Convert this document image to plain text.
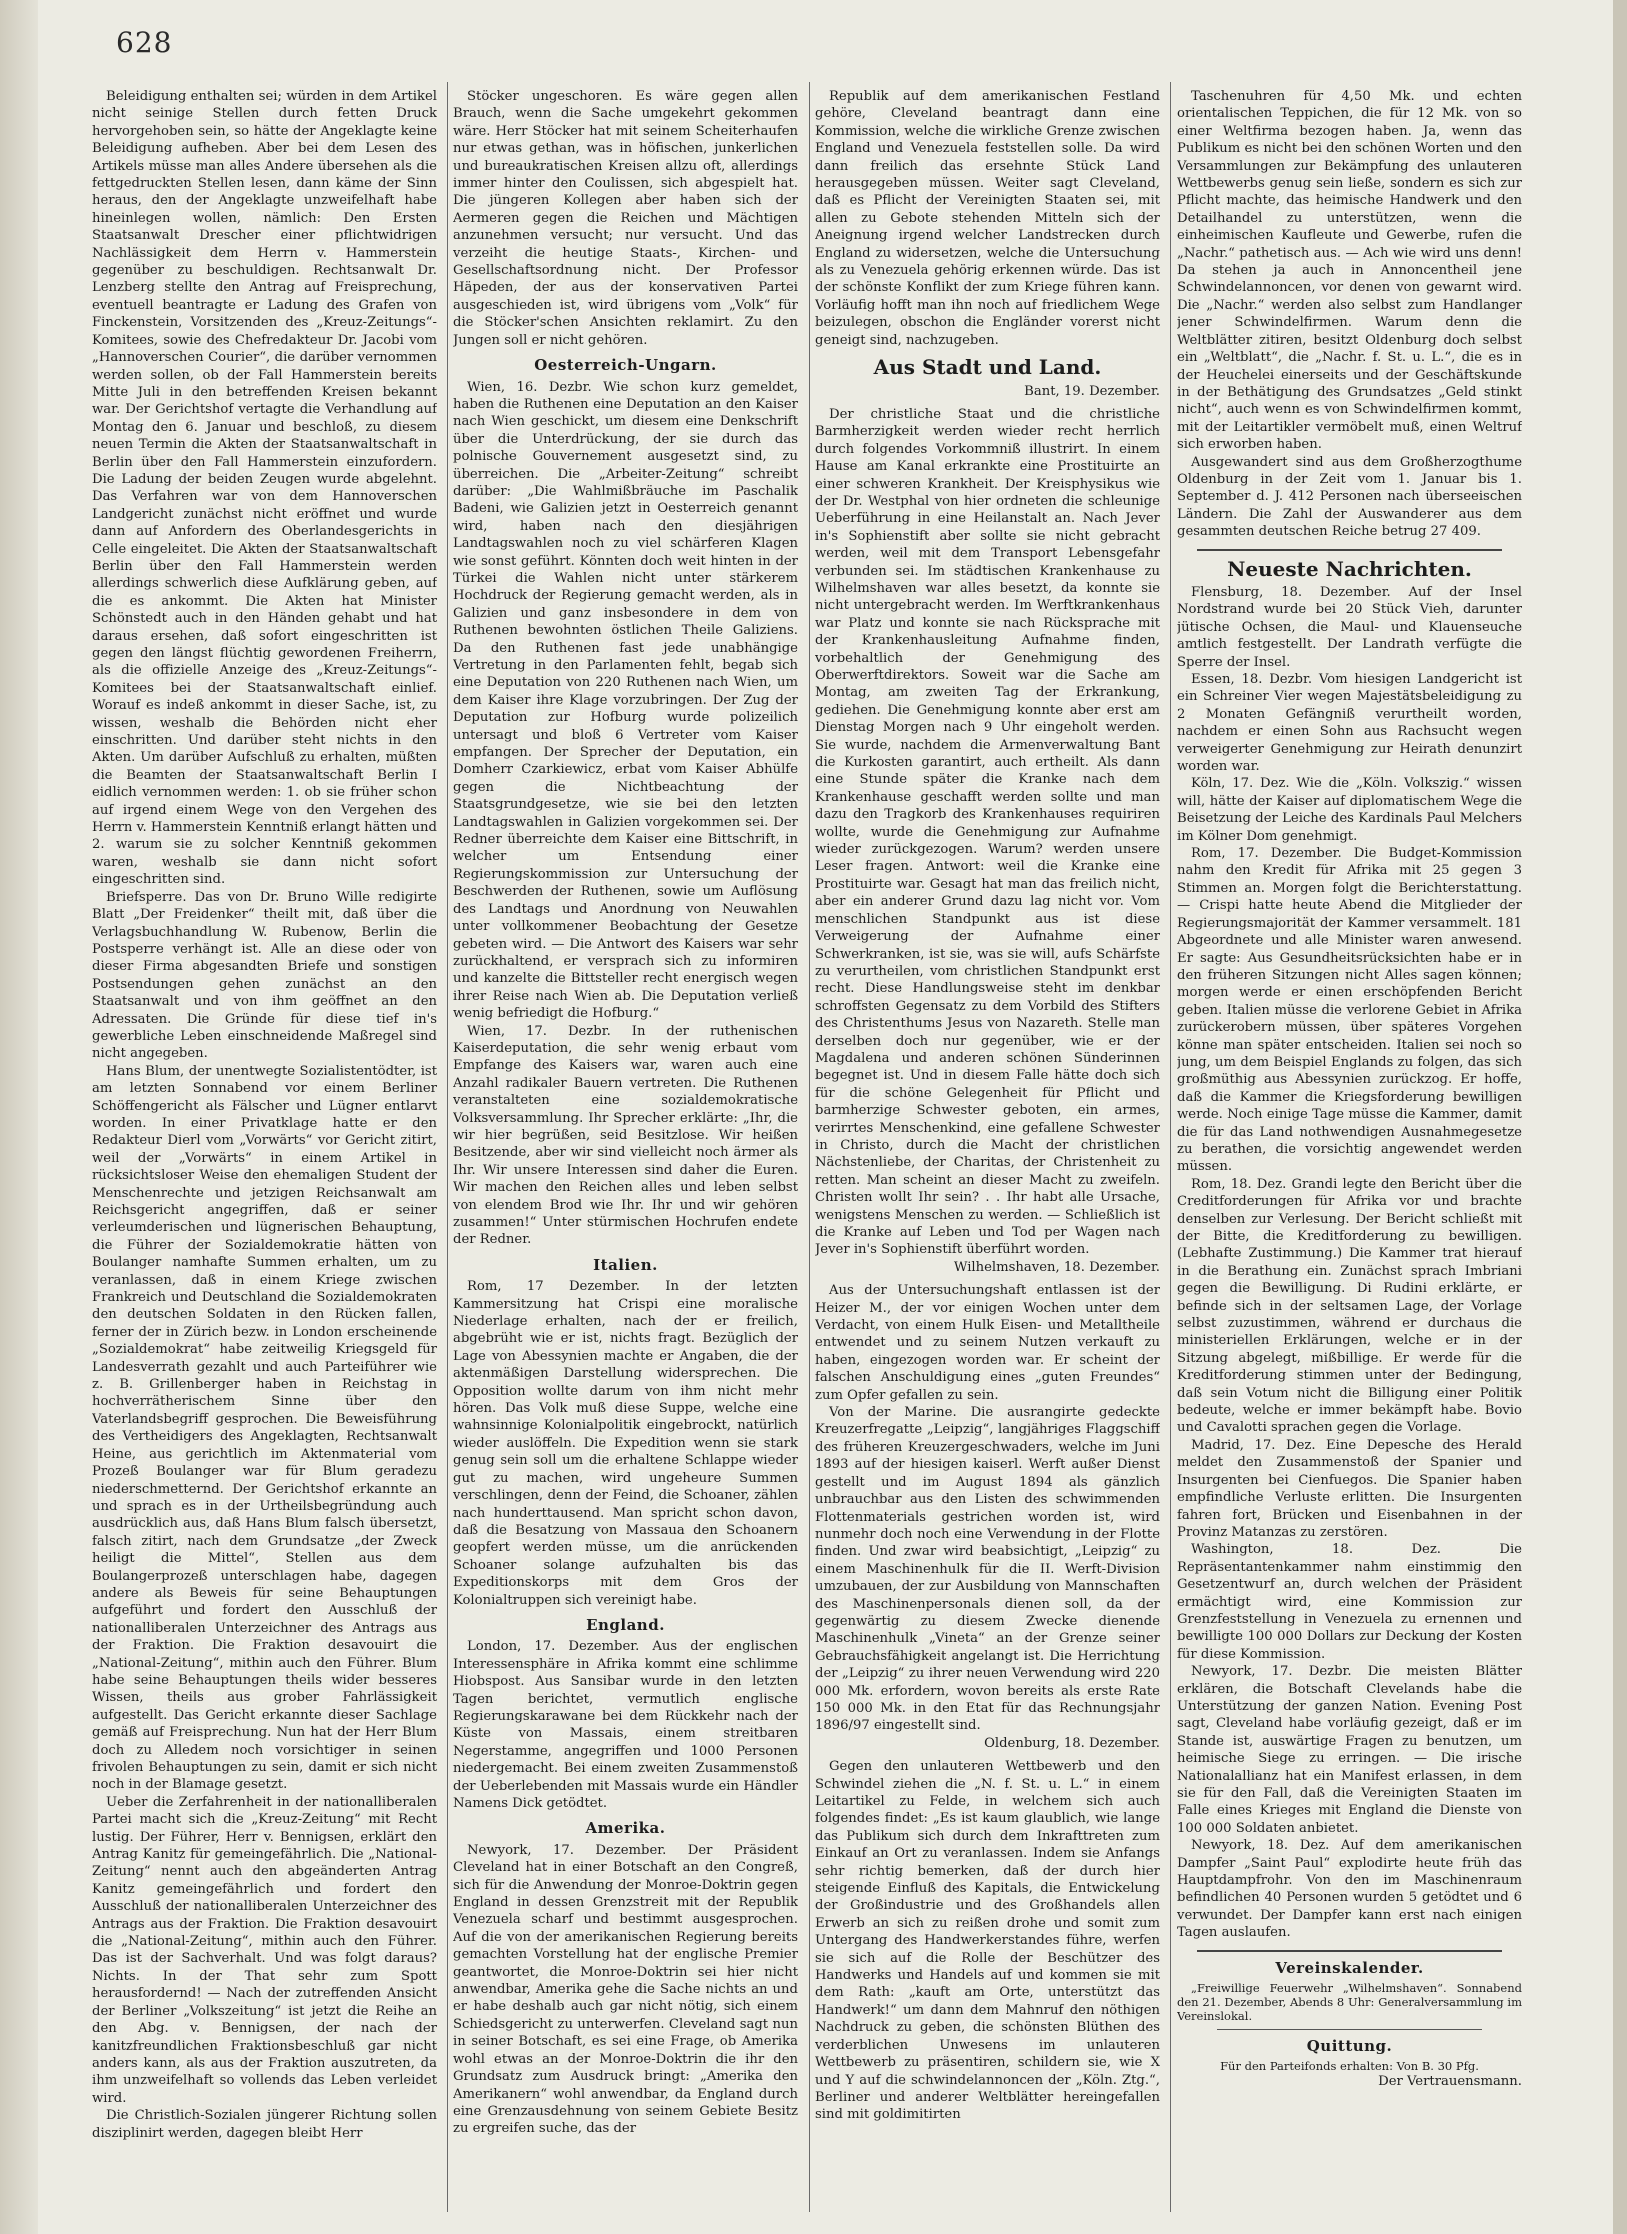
628

Beleidigung enthalten sei; würden in dem Artikel nicht seinige Stellen durch fetten Druck hervorgehoben sein, so hätte der Angeklagte keine Beleidigung aufheben. Aber bei dem Lesen des Artikels müsse man alles Andere übersehen als die fettgedruckten Stellen lesen, dann käme der Sinn heraus, den der Angeklagte unzweifelhaft habe hineinlegen wollen, nämlich: Den Ersten Staatsanwalt Drescher einer pflichtwidrigen Nachlässigkeit dem Herrn v. Hammerstein gegenüber zu beschuldigen. Rechtsanwalt Dr. Lenzberg stellte den Antrag auf Freisprechung, eventuell beantragte er Ladung des Grafen von Finckenstein, Vorsitzenden des „Kreuz-Zeitungs“-Komitees, sowie des Chefredakteur Dr. Jacobi vom „Hannoverschen Courier“, die darüber vernommen werden sollen, ob der Fall Hammerstein bereits Mitte Juli in den betreffenden Kreisen bekannt war. Der Gerichtshof vertagte die Verhandlung auf Montag den 6. Januar und beschloß, zu diesem neuen Termin die Akten der Staatsanwaltschaft in Berlin über den Fall Hammerstein einzufordern. Die Ladung der beiden Zeugen wurde abgelehnt. Das Verfahren war von dem Hannoverschen Landgericht zunächst nicht eröffnet und wurde dann auf Anfordern des Oberlandesgerichts in Celle eingeleitet. Die Akten der Staatsanwaltschaft Berlin über den Fall Hammerstein werden allerdings schwerlich diese Aufklärung geben, auf die es ankommt. Die Akten hat Minister Schönstedt auch in den Händen gehabt und hat daraus ersehen, daß sofort eingeschritten ist gegen den längst flüchtig gewordenen Freiherrn, als die offizielle Anzeige des „Kreuz-Zeitungs“-Komitees bei der Staatsanwaltschaft einlief. Worauf es indeß ankommt in dieser Sache, ist, zu wissen, weshalb die Behörden nicht eher einschritten. Und darüber steht nichts in den Akten. Um darüber Aufschluß zu erhalten, müßten die Beamten der Staatsanwaltschaft Berlin I eidlich vernommen werden: 1. ob sie früher schon auf irgend einem Wege von den Vergehen des Herrn v. Hammerstein Kenntniß erlangt hätten und 2. warum sie zu solcher Kenntniß gekommen waren, weshalb sie dann nicht sofort eingeschritten sind.

Briefsperre. Das von Dr. Bruno Wille redigirte Blatt „Der Freidenker“ theilt mit, daß über die Verlagsbuchhandlung W. Rubenow, Berlin die Postsperre verhängt ist. Alle an diese oder von dieser Firma abgesandten Briefe und sonstigen Postsendungen gehen zunächst an den Staatsanwalt und von ihm geöffnet an den Adressaten. Die Gründe für diese tief in's gewerbliche Leben einschneidende Maßregel sind nicht angegeben.

Hans Blum, der unentwegte Sozialistentödter, ist am letzten Sonnabend vor einem Berliner Schöffengericht als Fälscher und Lügner entlarvt worden. In einer Privatklage hatte er den Redakteur Dierl vom „Vorwärts“ vor Gericht zitirt, weil der „Vorwärts“ in einem Artikel in rücksichtsloser Weise den ehemaligen Student der Menschenrechte und jetzigen Reichsanwalt am Reichsgericht angegriffen, daß er seiner verleumderischen und lügnerischen Behauptung, die Führer der Sozialdemokratie hätten von Boulanger namhafte Summen erhalten, um zu veranlassen, daß in einem Kriege zwischen Frankreich und Deutschland die Sozialdemokraten den deutschen Soldaten in den Rücken fallen, ferner der in Zürich bezw. in London erscheinende „Sozialdemokrat“ habe zeitweilig Kriegsgeld für Landesverrath gezahlt und auch Parteiführer wie z. B. Grillenberger haben in Reichstag in hochverrätherischem Sinne über den Vaterlandsbegriff gesprochen. Die Beweisführung des Vertheidigers des Angeklagten, Rechtsanwalt Heine, aus gerichtlich im Aktenmaterial vom Prozeß Boulanger war für Blum geradezu niederschmetternd. Der Gerichtshof erkannte an und sprach es in der Urtheilsbegründung auch ausdrücklich aus, daß Hans Blum falsch übersetzt, falsch zitirt, nach dem Grundsatze „der Zweck heiligt die Mittel“, Stellen aus dem Boulangerprozeß unterschlagen habe, dagegen andere als Beweis für seine Behauptungen aufgeführt und fordert den Ausschluß der nationalliberalen Unterzeichner des Antrags aus der Fraktion. Die Fraktion desavouirt die „National-Zeitung“, mithin auch den Führer. Blum habe seine Behauptungen theils wider besseres Wissen, theils aus grober Fahrlässigkeit aufgestellt. Das Gericht erkannte dieser Sachlage gemäß auf Freisprechung. Nun hat der Herr Blum doch zu Alledem noch vorsichtiger in seinen frivolen Behauptungen zu sein, damit er sich nicht noch in der Blamage gesetzt.

Ueber die Zerfahrenheit in der nationalliberalen Partei macht sich die „Kreuz-Zeitung“ mit Recht lustig. Der Führer, Herr v. Bennigsen, erklärt den Antrag Kanitz für gemeingefährlich. Die „National-Zeitung“ nennt auch den abgeänderten Antrag Kanitz gemeingefährlich und fordert den Ausschluß der nationalliberalen Unterzeichner des Antrags aus der Fraktion. Die Fraktion desavouirt die „National-Zeitung“, mithin auch den Führer. Das ist der Sachverhalt. Und was folgt daraus? Nichts. In der That sehr zum Spott herausfordernd! — Nach der zutreffenden Ansicht der Berliner „Volkszeitung“ ist jetzt die Reihe an den Abg. v. Bennigsen, der nach der kanitzfreundlichen Fraktionsbeschluß gar nicht anders kann, als aus der Fraktion auszutreten, da ihm unzweifelhaft so vollends das Leben verleidet wird.

Die Christlich-Sozialen jüngerer Richtung sollen disziplinirt werden, dagegen bleibt Herr

Stöcker ungeschoren. Es wäre gegen allen Brauch, wenn die Sache umgekehrt gekommen wäre. Herr Stöcker hat mit seinem Scheiterhaufen nur etwas gethan, was in höfischen, junkerlichen und bureaukratischen Kreisen allzu oft, allerdings immer hinter den Coulissen, sich abgespielt hat. Die jüngeren Kollegen aber haben sich der Aermeren gegen die Reichen und Mächtigen anzunehmen versucht; nur versucht. Und das verzeiht die heutige Staats-, Kirchen- und Gesellschaftsordnung nicht. Der Professor Häpeden, der aus der konservativen Partei ausgeschieden ist, wird übrigens vom „Volk“ für die Stöcker'schen Ansichten reklamirt. Zu den Jungen soll er nicht gehören.

Oesterreich-Ungarn.

Wien, 16. Dezbr. Wie schon kurz gemeldet, haben die Ruthenen eine Deputation an den Kaiser nach Wien geschickt, um diesem eine Denkschrift über die Unterdrückung, der sie durch das polnische Gouvernement ausgesetzt sind, zu überreichen. Die „Arbeiter-Zeitung“ schreibt darüber: „Die Wahlmißbräuche im Paschalik Badeni, wie Galizien jetzt in Oesterreich genannt wird, haben nach den diesjährigen Landtagswahlen noch zu viel schärferen Klagen wie sonst geführt. Könnten doch weit hinten in der Türkei die Wahlen nicht unter stärkerem Hochdruck der Regierung gemacht werden, als in Galizien und ganz insbesondere in dem von Ruthenen bewohnten östlichen Theile Galiziens. Da den Ruthenen fast jede unabhängige Vertretung in den Parlamenten fehlt, begab sich eine Deputation von 220 Ruthenen nach Wien, um dem Kaiser ihre Klage vorzubringen. Der Zug der Deputation zur Hofburg wurde polizeilich untersagt und bloß 6 Vertreter vom Kaiser empfangen. Der Sprecher der Deputation, ein Domherr Czarkiewicz, erbat vom Kaiser Abhülfe gegen die Nichtbeachtung der Staatsgrundgesetze, wie sie bei den letzten Landtagswahlen in Galizien vorgekommen sei. Der Redner überreichte dem Kaiser eine Bittschrift, in welcher um Entsendung einer Regierungskommission zur Untersuchung der Beschwerden der Ruthenen, sowie um Auflösung des Landtags und Anordnung von Neuwahlen unter vollkommener Beobachtung der Gesetze gebeten wird. — Die Antwort des Kaisers war sehr zurückhaltend, er versprach sich zu informiren und kanzelte die Bittsteller recht energisch wegen ihrer Reise nach Wien ab. Die Deputation verließ wenig befriedigt die Hofburg.“

Wien, 17. Dezbr. In der ruthenischen Kaiserdeputation, die sehr wenig erbaut vom Empfange des Kaisers war, waren auch eine Anzahl radikaler Bauern vertreten. Die Ruthenen veranstalteten eine sozialdemokratische Volksversammlung. Ihr Sprecher erklärte: „Ihr, die wir hier begrüßen, seid Besitzlose. Wir heißen Besitzende, aber wir sind vielleicht noch ärmer als Ihr. Wir unsere Interessen sind daher die Euren. Wir machen den Reichen alles und leben selbst von elendem Brod wie Ihr. Ihr und wir gehören zusammen!“ Unter stürmischen Hochrufen endete der Redner.

Italien.

Rom, 17 Dezember. In der letzten Kammersitzung hat Crispi eine moralische Niederlage erhalten, nach der er freilich, abgebrüht wie er ist, nichts fragt. Bezüglich der Lage von Abessynien machte er Angaben, die der aktenmäßigen Darstellung widersprechen. Die Opposition wollte darum von ihm nicht mehr hören. Das Volk muß diese Suppe, welche eine wahnsinnige Kolonialpolitik eingebrockt, natürlich wieder auslöffeln. Die Expedition wenn sie stark genug sein soll um die erhaltene Schlappe wieder gut zu machen, wird ungeheure Summen verschlingen, denn der Feind, die Schoaner, zählen nach hunderttausend. Man spricht schon davon, daß die Besatzung von Massaua den Schoanern geopfert werden müsse, um die anrückenden Schoaner solange aufzuhalten bis das Expeditionskorps mit dem Gros der Kolonialtruppen sich vereinigt habe.

England.

London, 17. Dezember. Aus der englischen Interessensphäre in Afrika kommt eine schlimme Hiobspost. Aus Sansibar wurde in den letzten Tagen berichtet, vermutlich englische Regierungskarawane bei dem Rückkehr nach der Küste von Massais, einem streitbaren Negerstamme, angegriffen und 1000 Personen niedergemacht. Bei einem zweiten Zusammenstoß der Ueberlebenden mit Massais wurde ein Händler Namens Dick getödtet.

Amerika.

Newyork, 17. Dezember. Der Präsident Cleveland hat in einer Botschaft an den Congreß, sich für die Anwendung der Monroe-Doktrin gegen England in dessen Grenzstreit mit der Republik Venezuela scharf und bestimmt ausgesprochen. Auf die von der amerikanischen Regierung bereits gemachten Vorstellung hat der englische Premier geantwortet, die Monroe-Doktrin sei hier nicht anwendbar, Amerika gehe die Sache nichts an und er habe deshalb auch gar nicht nötig, sich einem Schiedsgericht zu unterwerfen. Cleveland sagt nun in seiner Botschaft, es sei eine Frage, ob Amerika wohl etwas an der Monroe-Doktrin die ihr den Grundsatz zum Ausdruck bringt: „Amerika den Amerikanern“ wohl anwendbar, da England durch eine Grenzausdehnung von seinem Gebiete Besitz zu ergreifen suche, das der

Republik auf dem amerikanischen Festland gehöre, Cleveland beantragt dann eine Kommission, welche die wirkliche Grenze zwischen England und Venezuela feststellen solle. Da wird dann freilich das ersehnte Stück Land herausgegeben müssen. Weiter sagt Cleveland, daß es Pflicht der Vereinigten Staaten sei, mit allen zu Gebote stehenden Mitteln sich der Aneignung irgend welcher Landstrecken durch England zu widersetzen, welche die Untersuchung als zu Venezuela gehörig erkennen würde. Das ist der schönste Konflikt der zum Kriege führen kann. Vorläufig hofft man ihn noch auf friedlichem Wege beizulegen, obschon die Engländer vorerst nicht geneigt sind, nachzugeben.

Aus Stadt und Land.

Bant, 19. Dezember.

Der christliche Staat und die christliche Barmherzigkeit werden wieder recht herrlich durch folgendes Vorkommniß illustrirt. In einem Hause am Kanal erkrankte eine Prostituirte an einer schweren Krankheit. Der Kreisphysikus wie der Dr. Westphal von hier ordneten die schleunige Ueberführung in eine Heilanstalt an. Nach Jever in's Sophienstift aber sollte sie nicht gebracht werden, weil mit dem Transport Lebensgefahr verbunden sei. Im städtischen Krankenhause zu Wilhelmshaven war alles besetzt, da konnte sie nicht untergebracht werden. Im Werftkrankenhaus war Platz und konnte sie nach Rücksprache mit der Krankenhausleitung Aufnahme finden, vorbehaltlich der Genehmigung des Oberwerftdirektors. Soweit war die Sache am Montag, am zweiten Tag der Erkrankung, gediehen. Die Genehmigung konnte aber erst am Dienstag Morgen nach 9 Uhr eingeholt werden. Sie wurde, nachdem die Armenverwaltung Bant die Kurkosten garantirt, auch ertheilt. Als dann eine Stunde später die Kranke nach dem Krankenhause geschafft werden sollte und man dazu den Tragkorb des Krankenhauses requiriren wollte, wurde die Genehmigung zur Aufnahme wieder zurückgezogen. Warum? werden unsere Leser fragen. Antwort: weil die Kranke eine Prostituirte war. Gesagt hat man das freilich nicht, aber ein anderer Grund dazu lag nicht vor. Vom menschlichen Standpunkt aus ist diese Verweigerung der Aufnahme einer Schwerkranken, ist sie, was sie will, aufs Schärfste zu verurtheilen, vom christlichen Standpunkt erst recht. Diese Handlungsweise steht im denkbar schroffsten Gegensatz zu dem Vorbild des Stifters des Christenthums Jesus von Nazareth. Stelle man derselben doch nur gegenüber, wie er der Magdalena und anderen schönen Sünderinnen begegnet ist. Und in diesem Falle hätte doch sich für die schöne Gelegenheit für Pflicht und barmherzige Schwester geboten, ein armes, verirrtes Menschenkind, eine gefallene Schwester in Christo, durch die Macht der christlichen Nächstenliebe, der Charitas, der Christenheit zu retten. Man scheint an dieser Macht zu zweifeln. Christen wollt Ihr sein? . . Ihr habt alle Ursache, wenigstens Menschen zu werden. — Schließlich ist die Kranke auf Leben und Tod per Wagen nach Jever in's Sophienstift überführt worden.

Wilhelmshaven, 18. Dezember.

Aus der Untersuchungshaft entlassen ist der Heizer M., der vor einigen Wochen unter dem Verdacht, von einem Hulk Eisen- und Metalltheile entwendet und zu seinem Nutzen verkauft zu haben, eingezogen worden war. Er scheint der falschen Anschuldigung eines „guten Freundes“ zum Opfer gefallen zu sein.

Von der Marine. Die ausrangirte gedeckte Kreuzerfregatte „Leipzig“, langjähriges Flaggschiff des früheren Kreuzergeschwaders, welche im Juni 1893 auf der hiesigen kaiserl. Werft außer Dienst gestellt und im August 1894 als gänzlich unbrauchbar aus den Listen des schwimmenden Flottenmaterials gestrichen worden ist, wird nunmehr doch noch eine Verwendung in der Flotte finden. Und zwar wird beabsichtigt, „Leipzig“ zu einem Maschinenhulk für die II. Werft-Division umzubauen, der zur Ausbildung von Mannschaften des Maschinenpersonals dienen soll, da der gegenwärtig zu diesem Zwecke dienende Maschinenhulk „Vineta“ an der Grenze seiner Gebrauchsfähigkeit angelangt ist. Die Herrichtung der „Leipzig“ zu ihrer neuen Verwendung wird 220 000 Mk. erfordern, wovon bereits als erste Rate 150 000 Mk. in den Etat für das Rechnungsjahr 1896/97 eingestellt sind.

Oldenburg, 18. Dezember.

Gegen den unlauteren Wettbewerb und den Schwindel ziehen die „N. f. St. u. L.“ in einem Leitartikel zu Felde, in welchem sich auch folgendes findet: „Es ist kaum glaublich, wie lange das Publikum sich durch dem Inkrafttreten zum Einkauf an Ort zu veranlassen. Indem sie Anfangs sehr richtig bemerken, daß der durch hier steigende Einfluß des Kapitals, die Entwickelung der Großindustrie und des Großhandels allen Erwerb an sich zu reißen drohe und somit zum Untergang des Handwerkerstandes führe, werfen sie sich auf die Rolle der Beschützer des Handwerks und Handels auf und kommen sie mit dem Rath: „kauft am Orte, unterstützt das Handwerk!“ um dann dem Mahnruf den nöthigen Nachdruck zu geben, die schönsten Blüthen des verderblichen Unwesens im unlauteren Wettbewerb zu präsentiren, schildern sie, wie X und Y auf die schwindelannoncen der „Köln. Ztg.“, Berliner und anderer Weltblätter hereingefallen sind mit goldimitirten

Taschenuhren für 4,50 Mk. und echten orientalischen Teppichen, die für 12 Mk. von so einer Weltfirma bezogen haben. Ja, wenn das Publikum es nicht bei den schönen Worten und den Versammlungen zur Bekämpfung des unlauteren Wettbewerbs genug sein ließe, sondern es sich zur Pflicht machte, das heimische Handwerk und den Detailhandel zu unterstützen, wenn die einheimischen Kaufleute und Gewerbe, rufen die „Nachr.“ pathetisch aus. — Ach wie wird uns denn! Da stehen ja auch in Annoncentheil jene Schwindelannoncen, vor denen von gewarnt wird. Die „Nachr.“ werden also selbst zum Handlanger jener Schwindelfirmen. Warum denn die Weltblätter zitiren, besitzt Oldenburg doch selbst ein „Weltblatt“, die „Nachr. f. St. u. L.“, die es in der Heuchelei einerseits und der Geschäftskunde in der Bethätigung des Grundsatzes „Geld stinkt nicht“, auch wenn es von Schwindelfirmen kommt, mit der Leitartikler vermöbelt muß, einen Weltruf sich erworben haben.

Ausgewandert sind aus dem Großherzogthume Oldenburg in der Zeit vom 1. Januar bis 1. September d. J. 412 Personen nach überseeischen Ländern. Die Zahl der Auswanderer aus dem gesammten deutschen Reiche betrug 27 409.

Neueste Nachrichten.

Flensburg, 18. Dezember. Auf der Insel Nordstrand wurde bei 20 Stück Vieh, darunter jütische Ochsen, die Maul- und Klauenseuche amtlich festgestellt. Der Landrath verfügte die Sperre der Insel.

Essen, 18. Dezbr. Vom hiesigen Landgericht ist ein Schreiner Vier wegen Majestätsbeleidigung zu 2 Monaten Gefängniß verurtheilt worden, nachdem er einen Sohn aus Rachsucht wegen verweigerter Genehmigung zur Heirath denunzirt worden war.

Köln, 17. Dez. Wie die „Köln. Volkszig.“ wissen will, hätte der Kaiser auf diplomatischem Wege die Beisetzung der Leiche des Kardinals Paul Melchers im Kölner Dom genehmigt.

Rom, 17. Dezember. Die Budget-Kommission nahm den Kredit für Afrika mit 25 gegen 3 Stimmen an. Morgen folgt die Berichterstattung. — Crispi hatte heute Abend die Mitglieder der Regierungsmajorität der Kammer versammelt. 181 Abgeordnete und alle Minister waren anwesend. Er sagte: Aus Gesundheitsrücksichten habe er in den früheren Sitzungen nicht Alles sagen können; morgen werde er einen erschöpfenden Bericht geben. Italien müsse die verlorene Gebiet in Afrika zurückerobern müssen, über späteres Vorgehen könne man später entscheiden. Italien sei noch so jung, um dem Beispiel Englands zu folgen, das sich großmüthig aus Abessynien zurückzog. Er hoffe, daß die Kammer die Kriegsforderung bewilligen werde. Noch einige Tage müsse die Kammer, damit die für das Land nothwendigen Ausnahmegesetze zu berathen, die vorsichtig angewendet werden müssen.

Rom, 18. Dez. Grandi legte den Bericht über die Creditforderungen für Afrika vor und brachte denselben zur Verlesung. Der Bericht schließt mit der Bitte, die Kreditforderung zu bewilligen. (Lebhafte Zustimmung.) Die Kammer trat hierauf in die Berathung ein. Zunächst sprach Imbriani gegen die Bewilligung. Di Rudini erklärte, er befinde sich in der seltsamen Lage, der Vorlage selbst zuzustimmen, während er durchaus die ministeriellen Erklärungen, welche er in der Sitzung abgelegt, mißbillige. Er werde für die Kreditforderung stimmen unter der Bedingung, daß sein Votum nicht die Billigung einer Politik bedeute, welche er immer bekämpft habe. Bovio und Cavalotti sprachen gegen die Vorlage.

Madrid, 17. Dez. Eine Depesche des Herald meldet den Zusammenstoß der Spanier und Insurgenten bei Cienfuegos. Die Spanier haben empfindliche Verluste erlitten. Die Insurgenten fahren fort, Brücken und Eisenbahnen in der Provinz Matanzas zu zerstören.

Washington, 18. Dez. Die Repräsentantenkammer nahm einstimmig den Gesetzentwurf an, durch welchen der Präsident ermächtigt wird, eine Kommission zur Grenzfeststellung in Venezuela zu ernennen und bewilligte 100 000 Dollars zur Deckung der Kosten für diese Kommission.

Newyork, 17. Dezbr. Die meisten Blätter erklären, die Botschaft Clevelands habe die Unterstützung der ganzen Nation. Evening Post sagt, Cleveland habe vorläufig gezeigt, daß er im Stande ist, auswärtige Fragen zu benutzen, um heimische Siege zu erringen. — Die irische Nationalallianz hat ein Manifest erlassen, in dem sie für den Fall, daß die Vereinigten Staaten im Falle eines Krieges mit England die Dienste von 100 000 Soldaten anbietet.

Newyork, 18. Dez. Auf dem amerikanischen Dampfer „Saint Paul“ explodirte heute früh das Hauptdampfrohr. Von den im Maschinenraum befindlichen 40 Personen wurden 5 getödtet und 6 verwundet. Der Dampfer kann erst nach einigen Tagen auslaufen.

Vereinskalender.

„Freiwillige Feuerwehr „Wilhelmshaven“. Sonnabend den 21. Dezember, Abends 8 Uhr: Generalversammlung im Vereinslokal.

Quittung.

Für den Parteifonds erhalten: Von B. 30 Pfg.

Der Vertrauensmann.
